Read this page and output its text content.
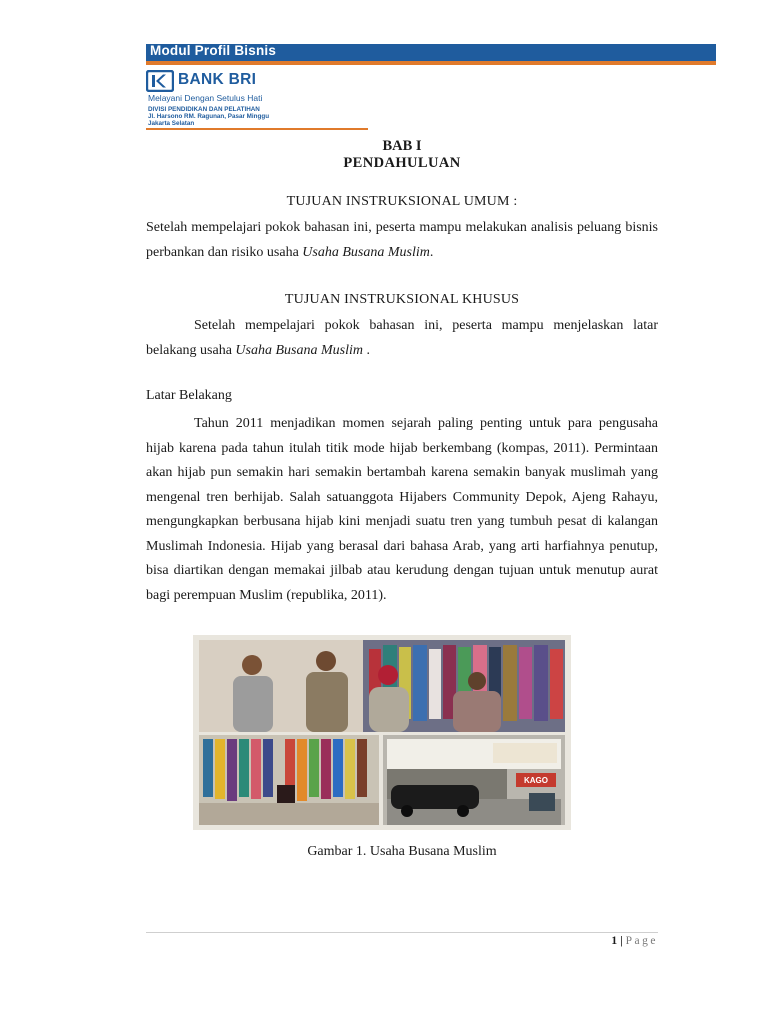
Modul Profil Bisnis
BANK BRI
Melayani Dengan Setulus Hati
DIVISI PENDIDIKAN DAN PELATIHAN
Jl. Harsono RM. Ragunan, Pasar Minggu
Jakarta Selatan
BAB I
PENDAHULUAN
TUJUAN INSTRUKSIONAL UMUM :
Setelah mempelajari pokok bahasan ini, peserta mampu melakukan analisis peluang bisnis perbankan dan risiko usaha Usaha Busana Muslim.
TUJUAN INSTRUKSIONAL KHUSUS
Setelah mempelajari pokok bahasan ini, peserta mampu menjelaskan latar belakang usaha Usaha Busana Muslim .
Latar Belakang
Tahun 2011 menjadikan momen sejarah paling penting untuk para pengusaha hijab karena pada tahun itulah titik mode hijab berkembang (kompas, 2011). Permintaan akan hijab pun semakin hari semakin bertambah karena semakin banyak muslimah yang mengenal tren berhijab. Salah satuanggota Hijabers Community Depok, Ajeng Rahayu, mengungkapkan berbusana hijab kini menjadi suatu tren yang tumbuh pesat di kalangan Muslimah Indonesia. Hijab yang berasal dari bahasa Arab, yang arti harfiahnya penutup, bisa diartikan dengan memakai jilbab atau kerudung dengan tujuan untuk menutup aurat bagi perempuan Muslim (republika, 2011).
KAGO
Gambar 1. Usaha Busana Muslim
1 | Page
